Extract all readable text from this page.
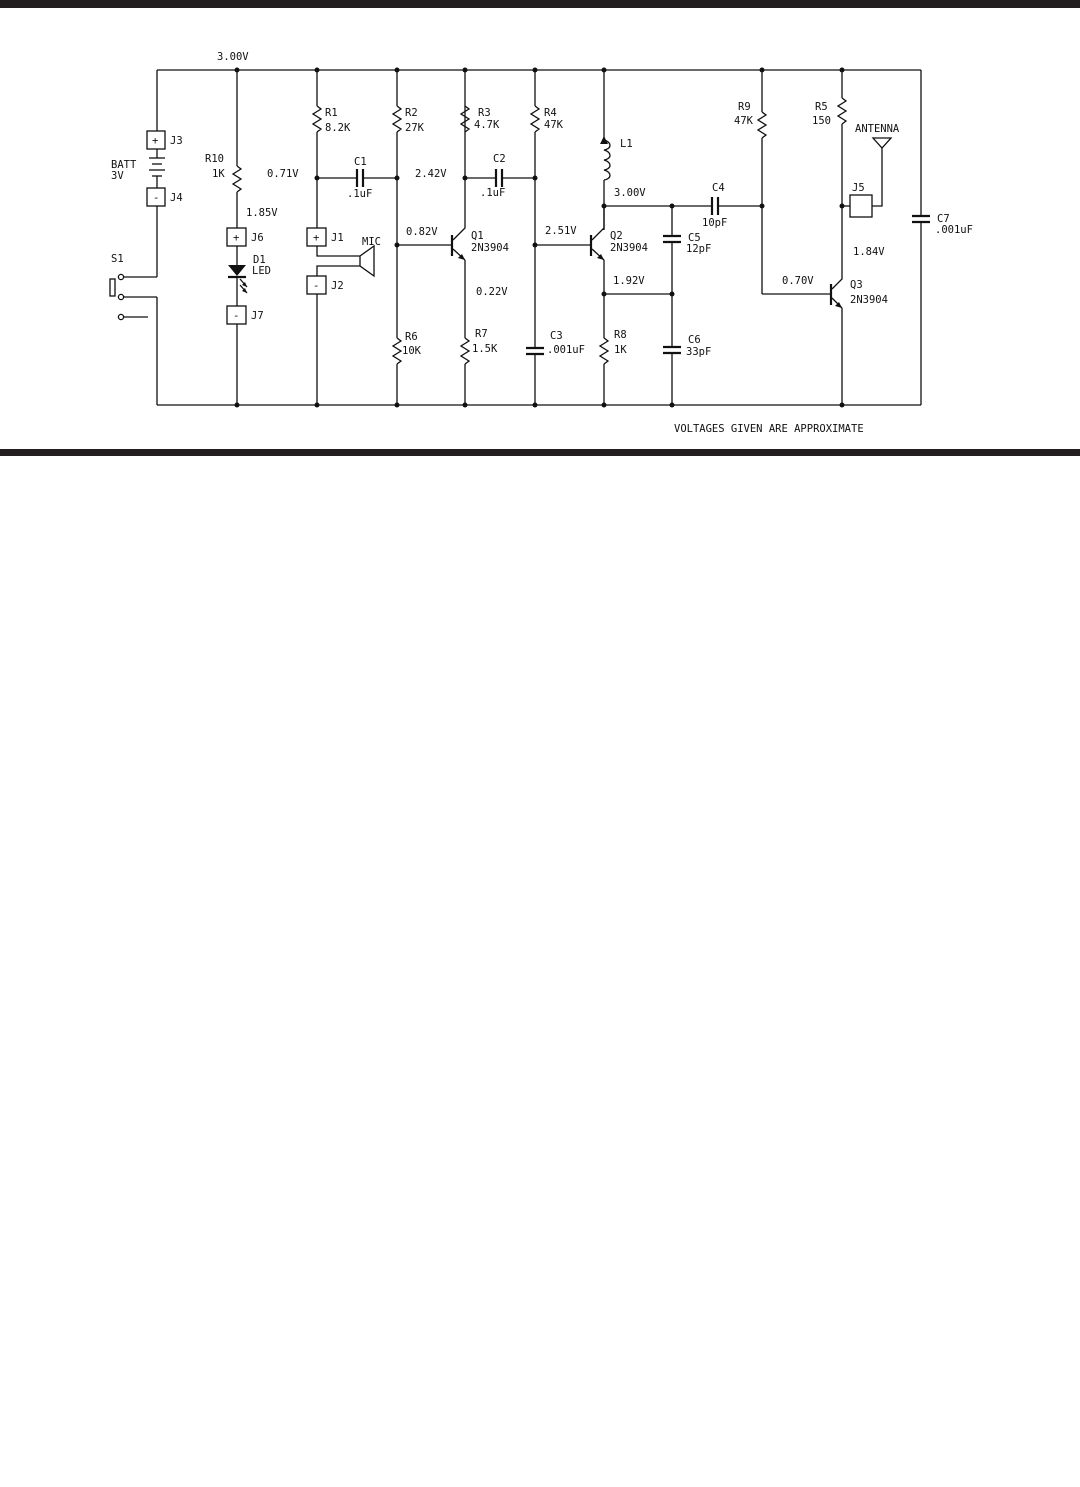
+ J3
- J4
BATT
3V
S1
R10
1K
1.85V
+ J6
D1
LED
- J7
R1
8.2K
0.71V
C1
.1uF
+ J1 MIC
- J2
R2
27K
2.42V
0.82V	Q1
2N3904
R6
10K
R3
4.7K
C2
.1uF
0.22V
R7
1.5K
R4
47K
2.51V
C3
.001uF
L1
3.00V
Q2
2N3904
1.92V
C4
10pF
C5
12pF
C6
33pF
R8
1K
R9
47K
0.70V	Q3
2N3904
1.84V
R5
150
J5
ANTENNA
C7
.001uF
3.00V
VOLTAGES GIVEN ARE APPROXIMATE
